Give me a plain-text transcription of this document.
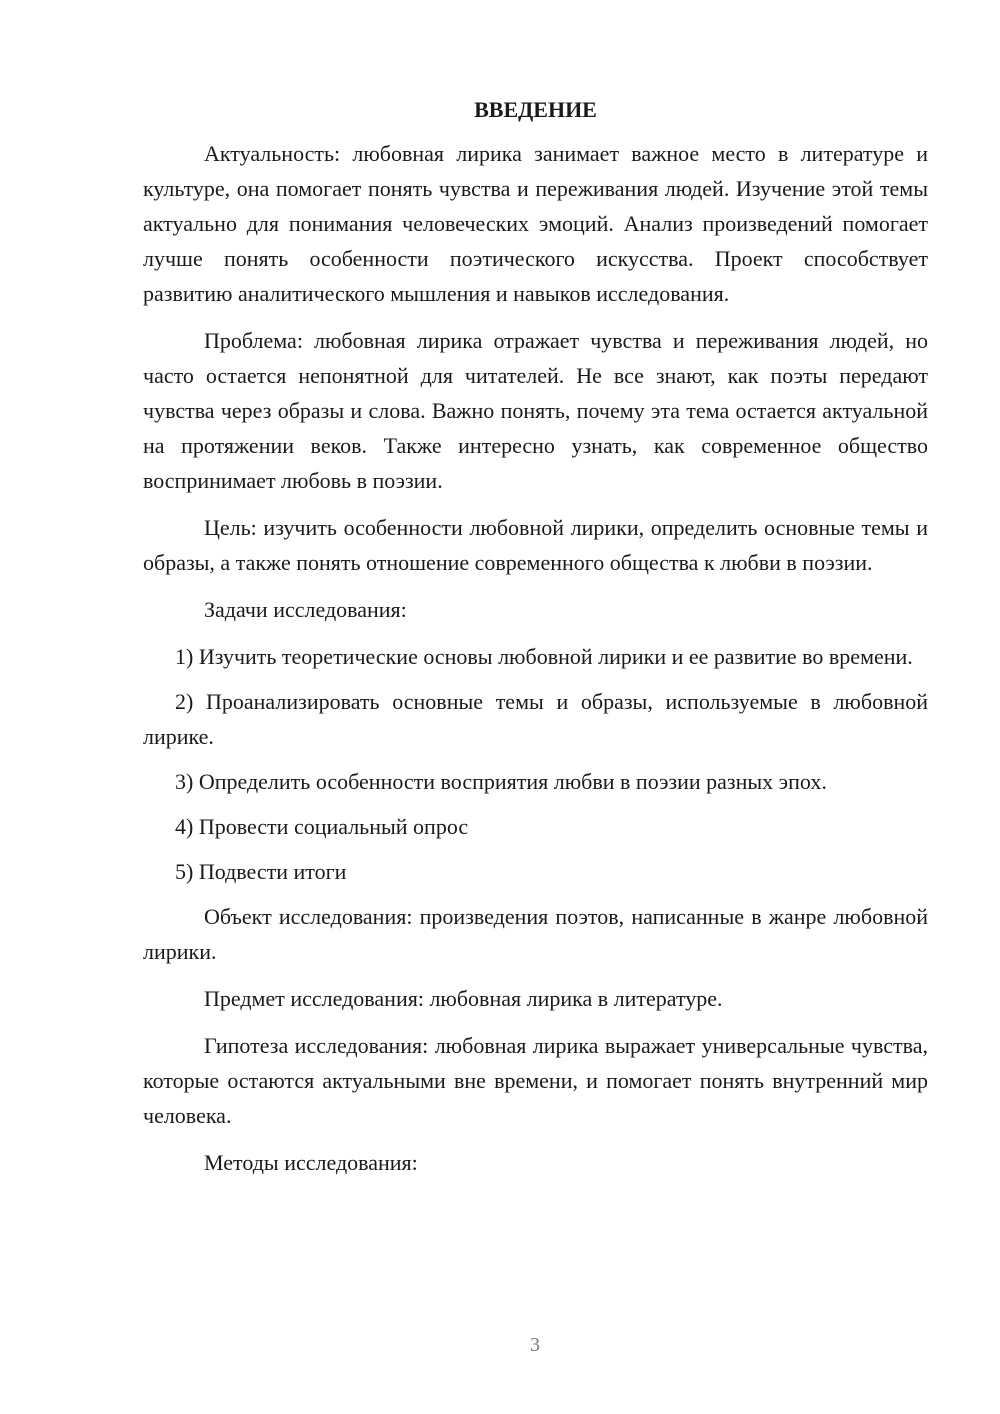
ВВЕДЕНИЕ

Актуальность: любовная лирика занимает важное место в литературе и культуре, она помогает понять чувства и переживания людей. Изучение этой темы актуально для понимания человеческих эмоций. Анализ произведений помогает лучше понять особенности поэтического искусства. Проект способствует развитию аналитического мышления и навыков исследования.

Проблема: любовная лирика отражает чувства и переживания людей, но часто остается непонятной для читателей. Не все знают, как поэты передают чувства через образы и слова. Важно понять, почему эта тема остается актуальной на протяжении веков. Также интересно узнать, как современное общество воспринимает любовь в поэзии.

Цель: изучить особенности любовной лирики, определить основные темы и образы, а также понять отношение современного общества к любви в поэзии.

Задачи исследования:

1) Изучить теоретические основы любовной лирики и ее развитие во времени.

2) Проанализировать основные темы и образы, используемые в любовной лирике.

3) Определить особенности восприятия любви в поэзии разных эпох.

4) Провести социальный опрос

5) Подвести итоги

Объект исследования: произведения поэтов, написанные в жанре любовной лирики.

Предмет исследования: любовная лирика в литературе.

Гипотеза исследования: любовная лирика выражает универсальные чувства, которые остаются актуальными вне времени, и помогает понять внутренний мир человека.

Методы исследования:

3
